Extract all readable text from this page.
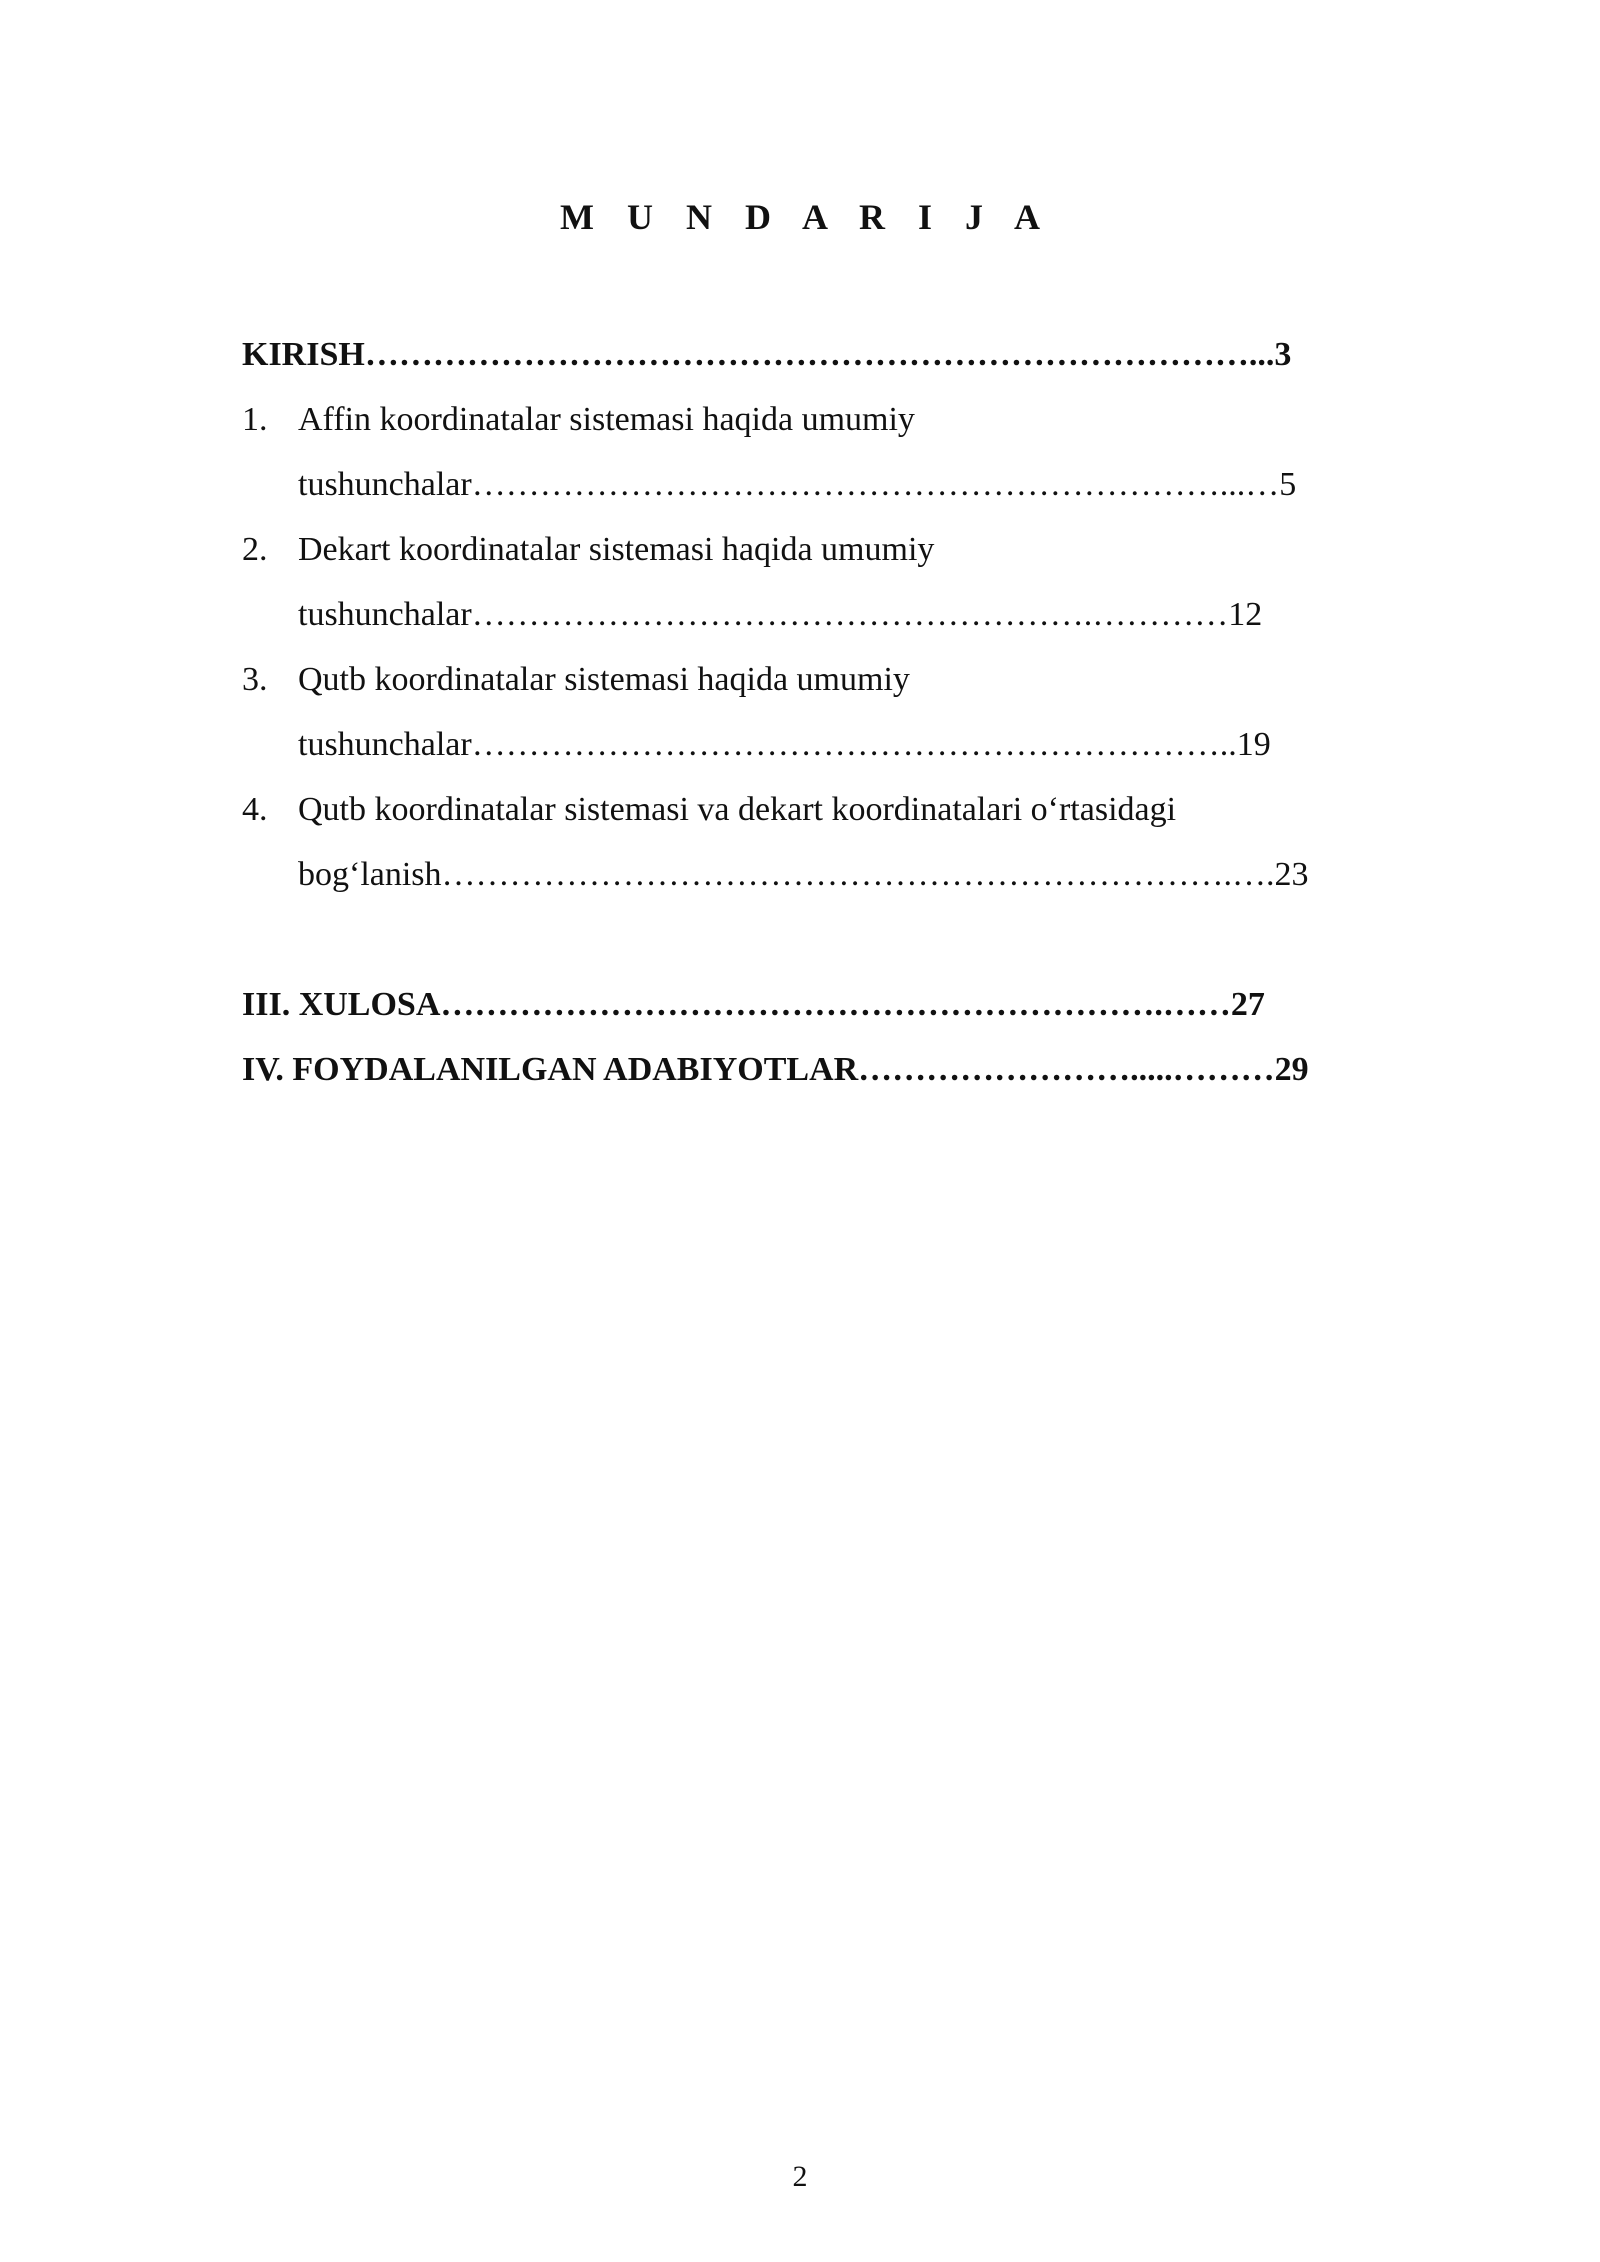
M U N D A R I J A
KIRISH……………………………………………………………………...3
1. Affin koordinatalar sistemasi haqida umumiy
tushunchalar…………………………………………………………...…5
2. Dekart koordinatalar sistemasi haqida umumiy
tushunchalar……………………………………………….…………12
3. Qutb koordinatalar sistemasi haqida umumiy
tushunchalar…………………………………………………………..19
4. Qutb koordinatalar sistemasi va dekart koordinatalari o‘rtasidagi
bog‘lanish…………………………………………………………….….23
III. XULOSA……………………………………………………….……27
IV. FOYDALANILGAN ADABIYOTLAR…………………….....………29
2
